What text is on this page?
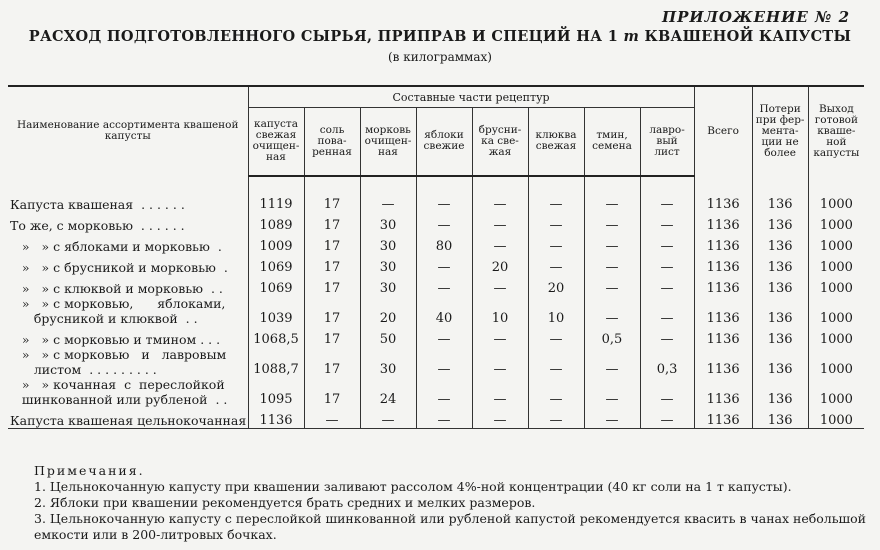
ПРИЛОЖЕНИЕ № 2
РАСХОД ПОДГОТОВЛЕННОГО СЫРЬЯ, ПРИПРАВ И СПЕЦИЙ НА 1 т КВАШЕНОЙ КАПУСТЫ
(в килограммах)
Наименование ассортимента квашеной капусты	Составные части рецептур								Всего	Потери при фер-мента-ции не более	Выход готовой кваше-ной капусты
	капуста свежая очищен-ная	соль пова-ренная	морковь очищен-ная	яблоки свежие	брусни-ка све-жая	клюква свежая	тмин, семена	лавро-вый лист			
Капуста квашеная  . . . . . .	1119	17	—	—	—	—	—	—	1136	136	1000
То же, с морковью  . . . . . .	1089	17	30	—	—	—	—	—	1136	136	1000
»   » с яблоками и морковью  .	1009	17	30	80	—	—	—	—	1136	136	1000
»   » с брусникой и морковью  .	1069	17	30	—	20	—	—	—	1136	136	1000
»   » с клюквой и морковью  . .	1069	17	30	—	—	20	—	—	1136	136	1000
»   » с морковью,      яблоками,
брусникой и клюквой  . .	1039	17	20	40	10	10	—	—	1136	136	1000
»   » с морковью и тмином . . .	1068,5	17	50	—	—	—	0,5	—	1136	136	1000
»   » с морковью   и   лавровым
листом  . . . . . . . . .	1088,7	17	30	—	—	—	—	0,3	1136	136	1000
»   » кочанная  с  переслойкой
шинкованной или рубленой  . .	1095	17	24	—	—	—	—	—	1136	136	1000
Капуста квашеная цельнокочанная	1136	—	—	—	—	—	—	—	1136	136	1000
Примечания.
1. Цельнокочанную капусту при квашении заливают рассолом 4%-ной концентрации (40 кг соли на 1 т капусты).
2. Яблоки при квашении рекомендуется брать средних и мелких размеров.
3. Цельнокочанную капусту с переслойкой шинкованной или рубленой капустой рекомендуется квасить в чанах небольшой емкости или в 200-литровых бочках.
